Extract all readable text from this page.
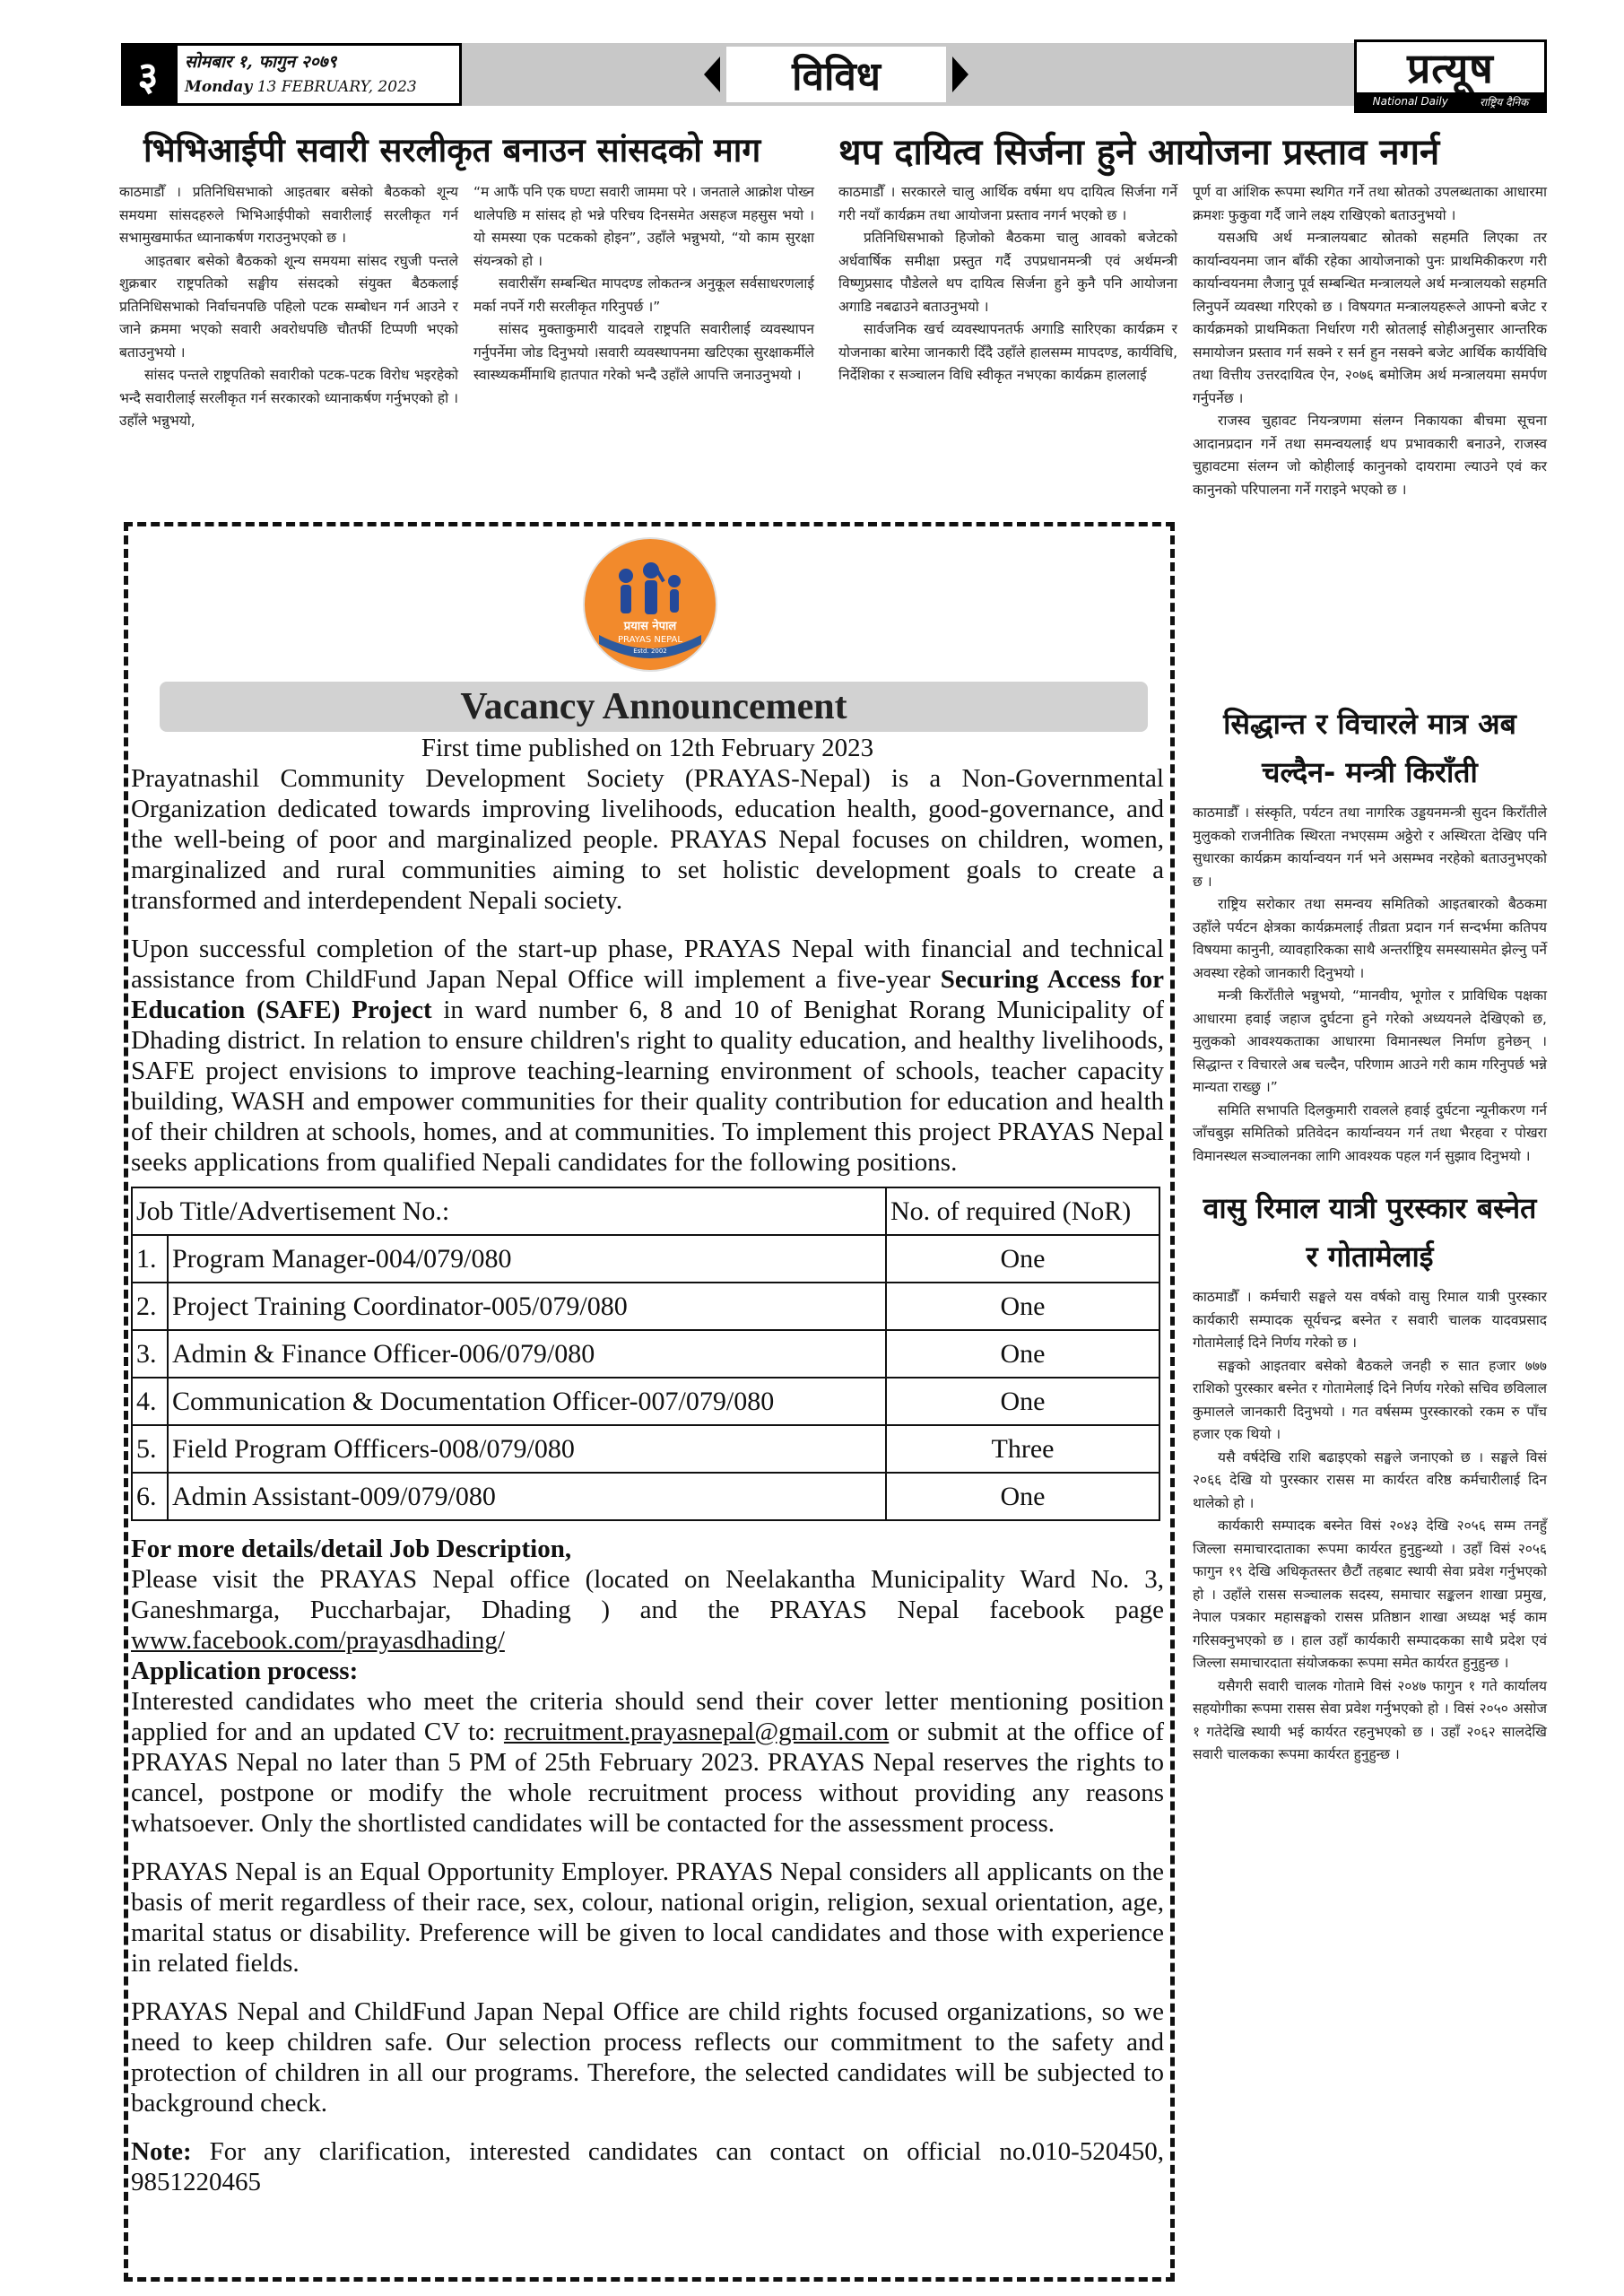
३	सोमबार १, फागुन २०७९
Monday 13 FEBRUARY, 2023	विविध	प्रत्यूष
National Daily	राष्ट्रिय दैनिक
भिभिआईपी सवारी सरलीकृत बनाउन सांसदको माग

काठमाडौँ । प्रतिनिधिसभाको आइतबार बसेको बैठकको शून्य समयमा सांसदहरुले भिभिआईपीको सवारीलाई सरलीकृत गर्न सभामुखमार्फत ध्यानाकर्षण गराउनुभएको छ ।

आइतबार बसेको बैठकको शून्य समयमा सांसद रघुजी पन्तले शुक्रबार राष्ट्रपतिको सङ्घीय संसदको संयुक्त बैठकलाई प्रतिनिधिसभाको निर्वाचनपछि पहिलो पटक सम्बोधन गर्न आउने र जाने क्रममा भएको सवारी अवरोधपछि चौतर्फी टिप्पणी भएको बताउनुभयो ।

सांसद पन्तले राष्ट्रपतिको सवारीको पटक-पटक विरोध भइरहेको भन्दै सवारीलाई सरलीकृत गर्न सरकारको ध्यानाकर्षण गर्नुभएको हो । उहाँले भन्नुभयो,

“म आफैं पनि एक घण्टा सवारी जाममा परे । जनताले आक्रोश पोख्न थालेपछि म सांसद हो भन्ने परिचय दिनसमेत असहज महसुस भयो । यो समस्या एक पटकको होइन”, उहाँले भन्नुभयो, “यो काम सुरक्षा संयन्त्रको हो ।

सवारीसँग सम्बन्धित मापदण्ड लोकतन्त्र अनुकूल सर्वसाधरणलाई मर्का नपर्ने गरी सरलीकृत गरिनुपर्छ ।”

सांसद मुक्ताकुमारी यादवले राष्ट्रपति सवारीलाई व्यवस्थापन गर्नुपर्नेमा जोड दिनुभयो ।सवारी व्यवस्थापनमा खटिएका सुरक्षाकर्मीले स्वास्थ्यकर्मीमाथि हातपात गरेको भन्दै उहाँले आपत्ति जनाउनुभयो ।

थप दायित्व सिर्जना हुने आयोजना प्रस्ताव नगर्न

काठमाडौँ । सरकारले चालु आर्थिक वर्षमा थप दायित्व सिर्जना गर्ने गरी नयाँ कार्यक्रम तथा आयोजना प्रस्ताव नगर्न भएको छ ।

प्रतिनिधिसभाको हिजोको बैठकमा चालु आवको बजेटको अर्धवार्षिक समीक्षा प्रस्तुत गर्दै उपप्रधानमन्त्री एवं अर्थमन्त्री विष्णुप्रसाद पौडेलले थप दायित्व सिर्जना हुने कुनै पनि आयोजना अगाडि नबढाउने बताउनुभयो ।

सार्वजनिक खर्च व्यवस्थापनतर्फ अगाडि सारिएका कार्यक्रम र योजनाका बारेमा जानकारी दिँदै उहाँले हालसम्म मापदण्ड, कार्यविधि, निर्देशिका र सञ्चालन विधि स्वीकृत नभएका कार्यक्रम हाललाई

पूर्ण वा आंशिक रूपमा स्थगित गर्ने तथा स्रोतको उपलब्धताका आधारमा क्रमशः फुकुवा गर्दै जाने लक्ष्य राखिएको बताउनुभयो ।

यसअघि अर्थ मन्त्रालयबाट स्रोतको सहमति लिएका तर कार्यान्वयनमा जान बाँकी रहेका आयोजनाको पुनः प्राथमिकीकरण गरी कार्यान्वयनमा लैजानु पूर्व सम्बन्धित मन्त्रालयले अर्थ मन्त्रालयको सहमति लिनुपर्ने व्यवस्था गरिएको छ । विषयगत मन्त्रालयहरूले आफ्नो बजेट र कार्यक्रमको प्राथमिकता निर्धारण गरी स्रोतलाई सोहीअनुसार आन्तरिक समायोजन प्रस्ताव गर्न सक्ने र सर्न हुन नसक्ने बजेट आर्थिक कार्यविधि तथा वित्तीय उत्तरदायित्व ऐन, २०७६ बमोजिम अर्थ मन्त्रालयमा समर्पण गर्नुपर्नेछ ।

राजस्व चुहावट नियन्त्रणमा संलग्न निकायका बीचमा सूचना आदानप्रदान गर्ने तथा समन्वयलाई थप प्रभावकारी बनाउने, राजस्व चुहावटमा संलग्न जो कोहीलाई कानुनको दायरामा ल्याउने एवं कर कानुनको परिपालना गर्ने गराइने भएको छ ।

सिद्धान्त र विचारले मात्र अब चल्दैन- मन्त्री किराँती

काठमाडौँ । संस्कृति, पर्यटन तथा नागरिक उड्डयनमन्त्री सुदन किराँतीले मुलुकको राजनीतिक स्थिरता नभएसम्म अठ्ठेरो र अस्थिरता देखिए पनि सुधारका कार्यक्रम कार्यान्वयन गर्न भने असम्भव नरहेको बताउनुभएको छ ।

राष्ट्रिय सरोकार तथा समन्वय समितिको आइतबारको बैठकमा उहाँले पर्यटन क्षेत्रका कार्यक्रमलाई तीव्रता प्रदान गर्न सन्दर्भमा कतिपय विषयमा कानुनी, व्यावहारिकका साथै अन्तर्राष्ट्रिय समस्यासमेत झेल्नु पर्ने अवस्था रहेको जानकारी दिनुभयो ।

मन्त्री किराँतीले भन्नुभयो, “मानवीय, भूगोल र प्राविधिक पक्षका आधारमा हवाई जहाज दुर्घटना हुने गरेको अध्ययनले देखिएको छ, मुलुकको आवश्यकताका आधारमा विमानस्थल निर्माण हुनेछन् । सिद्धान्त र विचारले अब चल्दैन, परिणाम आउने गरी काम गरिनुपर्छ भन्ने मान्यता राख्छु ।”

समिति सभापति दिलकुमारी रावलले हवाई दुर्घटना न्यूनीकरण गर्न जाँचबुझ समितिको प्रतिवेदन कार्यान्वयन गर्न तथा भैरहवा र पोखरा विमानस्थल सञ्चालनका लागि आवश्यक पहल गर्न सुझाव दिनुभयो ।

वासु रिमाल यात्री पुरस्कार बस्नेत र गोतामेलाई

काठमाडौँ । कर्मचारी सङ्घले यस वर्षको वासु रिमाल यात्री पुरस्कार कार्यकारी सम्पादक सूर्यचन्द्र बस्नेत र सवारी चालक यादवप्रसाद गोतामेलाई दिने निर्णय गरेको छ ।

सङ्घको आइतवार बसेको बैठकले जनही रु सात हजार ७७७ राशिको पुरस्कार बस्नेत र गोतामेलाई दिने निर्णय गरेको सचिव छविलाल कुमालले जानकारी दिनुभयो । गत वर्षसम्म पुरस्कारको रकम रु पाँच हजार एक थियो ।

यसै वर्षदेखि राशि बढाइएको सङ्घले जनाएको छ । सङ्घले विसं २०६६ देखि यो पुरस्कार रासस मा कार्यरत वरिष्ठ कर्मचारीलाई दिन थालेको हो ।

कार्यकारी सम्पादक बस्नेत विसं २०४३ देखि २०५६ सम्म तनहुँ जिल्ला समाचारदाताका रूपमा कार्यरत हुनुहुन्थ्यो । उहाँ विसं २०५६ फागुन १९ देखि अधिकृतस्तर छैटौं तहबाट स्थायी सेवा प्रवेश गर्नुभएको हो । उहाँले रासस सञ्चालक सदस्य, समाचार सङ्कलन शाखा प्रमुख, नेपाल पत्रकार महासङ्घको रासस प्रतिष्ठान शाखा अध्यक्ष भई काम गरिसक्नुभएको छ । हाल उहाँ कार्यकारी सम्पादकका साथै प्रदेश एवं जिल्ला समाचारदाता संयोजकका रूपमा समेत कार्यरत हुनुहुन्छ ।

यसैगरी सवारी चालक गोतामे विसं २०४७ फागुन १ गते कार्यालय सहयोगीका रूपमा रासस सेवा प्रवेश गर्नुभएको हो । विसं २०५० असोज १ गतेदेखि स्थायी भई कार्यरत रहनुभएको छ । उहाँ २०६२ सालदेखि सवारी चालकका रूपमा कार्यरत हुनुहुन्छ ।

प्रयास नेपाल
PRAYAS NEPAL
Estd. 2002
Vacancy Announcement

First time published on 12th February 2023

Prayatnashil Community Development Society (PRAYAS-Nepal) is a Non-Governmental Organization dedicated towards improving livelihoods, education health, good-governance, and the well-being of poor and marginalized people. PRAYAS Nepal focuses on children, women, marginalized and rural communities aiming to set holistic development goals to create a transformed and interdependent Nepali society.

Upon successful completion of the start-up phase, PRAYAS Nepal with financial and technical assistance from ChildFund Japan Nepal Office will implement a five-year Securing Access for Education (SAFE) Project in ward number 6, 8 and 10 of Benighat Rorang Municipality of Dhading district. In relation to ensure children's right to quality education, and healthy livelihoods, SAFE project envisions to improve teaching-learning environment of schools, teacher capacity building, WASH and empower communities for their quality contribution for education and health of their children at schools, homes, and at communities. To implement this project PRAYAS Nepal seeks applications from qualified Nepali candidates for the following positions.

Job Title/Advertisement No.:		No. of required (NoR)
1.	Program Manager-004/079/080	One
2.	Project Training Coordinator-005/079/080	One
3.	Admin & Finance Officer-006/079/080	One
4.	Communication & Documentation Officer-007/079/080	One
5.	Field Program Offficers-008/079/080	Three
6.	Admin Assistant-009/079/080	One

For more details/detail Job Description,

Please visit the PRAYAS Nepal office (located on Neelakantha Municipality Ward No. 3, Ganeshmarga, Puccharbajar, Dhading ) and the PRAYAS Nepal facebook page www.facebook.com/prayasdhading/

Application process:

Interested candidates who meet the criteria should send their cover letter mentioning position applied for and an updated CV to: recruitment.prayasnepal@gmail.com or submit at the office of PRAYAS Nepal no later than 5 PM of 25th February 2023. PRAYAS Nepal reserves the rights to cancel, postpone or modify the whole recruitment process without providing any reasons whatsoever. Only the shortlisted candidates will be contacted for the assessment process.

PRAYAS Nepal is an Equal Opportunity Employer. PRAYAS Nepal considers all applicants on the basis of merit regardless of their race, sex, colour, national origin, religion, sexual orientation, age, marital status or disability. Preference will be given to local candidates and those with experience in related fields.

PRAYAS Nepal and ChildFund Japan Nepal Office are child rights focused organizations, so we need to keep children safe. Our selection process reflects our commitment to the safety and protection of children in all our programs. Therefore, the selected candidates will be subjected to background check.

Note: For any clarification, interested candidates can contact on official no.010-520450, 9851220465
